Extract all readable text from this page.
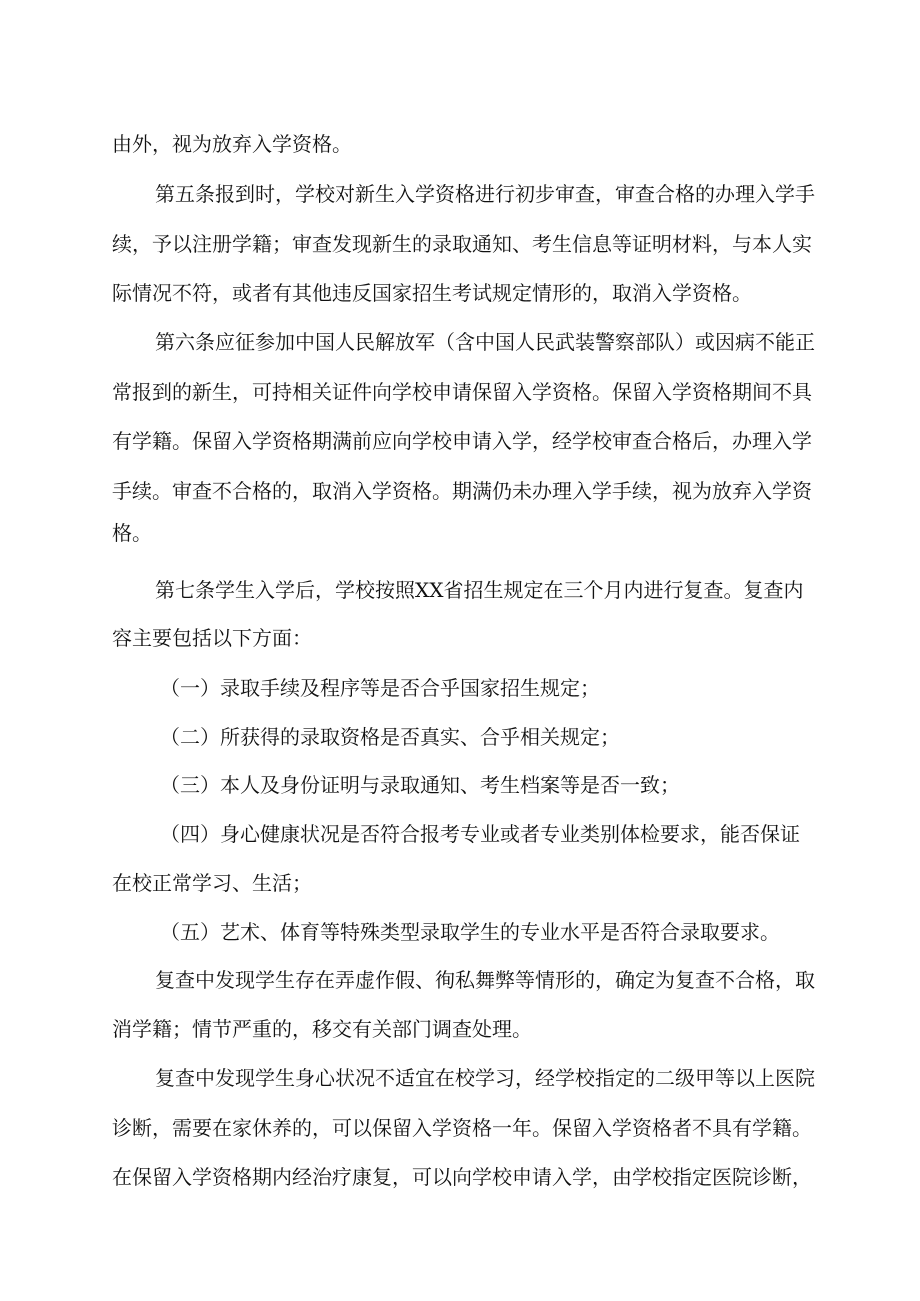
由外，视为放弃入学资格。
第五条报到时，学校对新生入学资格进行初步审查，审查合格的办理入学手
续，予以注册学籍；审查发现新生的录取通知、考生信息等证明材料，与本人实
际情况不符，或者有其他违反国家招生考试规定情形的，取消入学资格。
第六条应征参加中国人民解放军（含中国人民武装警察部队）或因病不能正
常报到的新生，可持相关证件向学校申请保留入学资格。保留入学资格期间不具
有学籍。保留入学资格期满前应向学校申请入学，经学校审查合格后，办理入学
手续。审查不合格的，取消入学资格。期满仍未办理入学手续，视为放弃入学资
格。
第七条学生入学后，学校按照XX省招生规定在三个月内进行复查。复查内
容主要包括以下方面：
（一）录取手续及程序等是否合乎国家招生规定；
（二）所获得的录取资格是否真实、合乎相关规定；
（三）本人及身份证明与录取通知、考生档案等是否一致；
（四）身心健康状况是否符合报考专业或者专业类别体检要求，能否保证
在校正常学习、生活；
（五）艺术、体育等特殊类型录取学生的专业水平是否符合录取要求。
复查中发现学生存在弄虚作假、徇私舞弊等情形的，确定为复查不合格，取
消学籍；情节严重的，移交有关部门调查处理。
复查中发现学生身心状况不适宜在校学习，经学校指定的二级甲等以上医院
诊断，需要在家休养的，可以保留入学资格一年。保留入学资格者不具有学籍。
在保留入学资格期内经治疗康复，可以向学校申请入学，由学校指定医院诊断，
